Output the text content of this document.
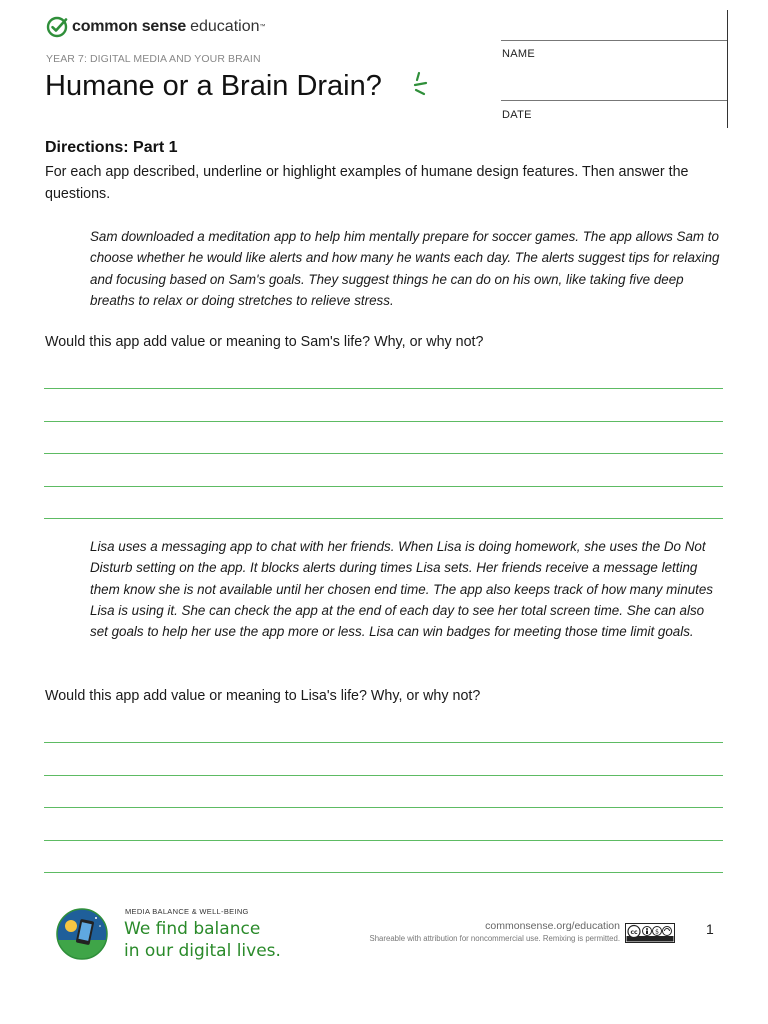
common sense education ™
YEAR 7: DIGITAL MEDIA AND YOUR BRAIN
Humane or a Brain Drain?
NAME
DATE
Directions: Part 1
For each app described, underline or highlight examples of humane design features. Then answer the questions.
Sam downloaded a meditation app to help him mentally prepare for soccer games. The app allows Sam to choose whether he would like alerts and how many he wants each day. The alerts suggest tips for relaxing and focusing based on Sam's goals. They suggest things he can do on his own, like taking five deep breaths to relax or doing stretches to relieve stress.
Would this app add value or meaning to Sam's life? Why, or why not?
Lisa uses a messaging app to chat with her friends. When Lisa is doing homework, she uses the Do Not Disturb setting on the app. It blocks alerts during times Lisa sets. Her friends receive a message letting them know she is not available until her chosen end time. The app also keeps track of how many minutes Lisa is using it. She can check the app at the end of each day to see her total screen time. She can also set goals to help her use the app more or less. Lisa can win badges for meeting those time limit goals.
Would this app add value or meaning to Lisa's life? Why, or why not?
MEDIA BALANCE & WELL-BEING
We find balance
in our digital lives.
commonsense.org/education
Shareable with attribution for noncommercial use. Remixing is permitted.
cc	$	1
